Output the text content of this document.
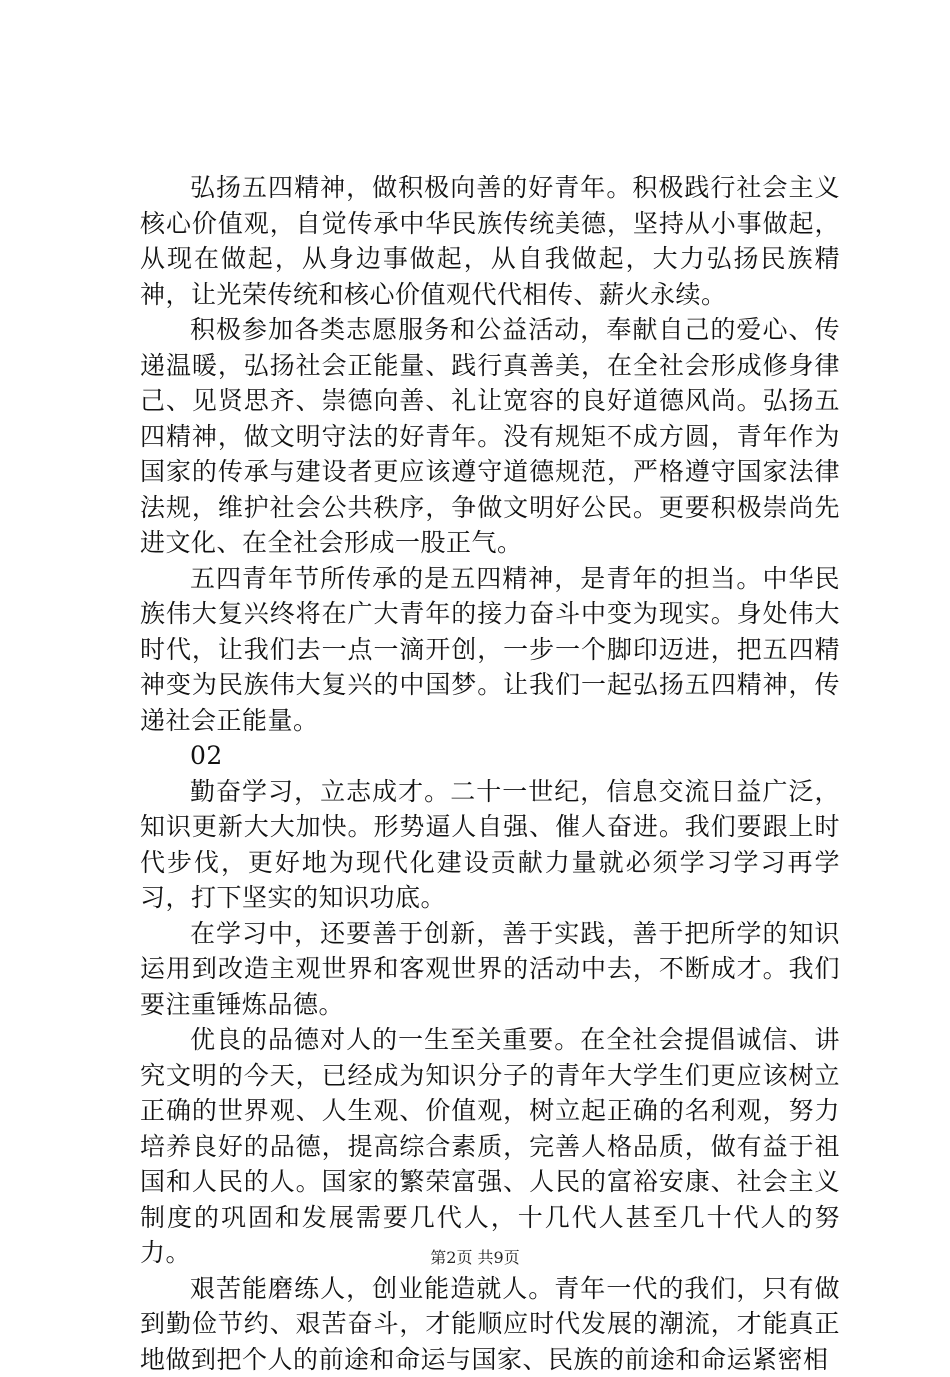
弘扬五四精神，做积极向善的好青年。积极践行社会主义核心价值观，自觉传承中华民族传统美德，坚持从小事做起，从现在做起，从身边事做起，从自我做起，大力弘扬民族精神，让光荣传统和核心价值观代代相传、薪火永续。

积极参加各类志愿服务和公益活动，奉献自己的爱心、传递温暖，弘扬社会正能量、践行真善美，在全社会形成修身律己、见贤思齐、崇德向善、礼让宽容的良好道德风尚。弘扬五四精神，做文明守法的好青年。没有规矩不成方圆，青年作为国家的传承与建设者更应该遵守道德规范，严格遵守国家法律法规，维护社会公共秩序，争做文明好公民。更要积极崇尚先进文化、在全社会形成一股正气。

五四青年节所传承的是五四精神，是青年的担当。中华民族伟大复兴终将在广大青年的接力奋斗中变为现实。身处伟大时代，让我们去一点一滴开创，一步一个脚印迈进，把五四精神变为民族伟大复兴的中国梦。让我们一起弘扬五四精神，传递社会正能量。

02

勤奋学习，立志成才。二十一世纪，信息交流日益广泛，知识更新大大加快。形势逼人自强、催人奋进。我们要跟上时代步伐，更好地为现代化建设贡献力量就必须学习学习再学习，打下坚实的知识功底。

在学习中，还要善于创新，善于实践，善于把所学的知识运用到改造主观世界和客观世界的活动中去，不断成才。我们要注重锤炼品德。

优良的品德对人的一生至关重要。在全社会提倡诚信、讲究文明的今天，已经成为知识分子的青年大学生们更应该树立正确的世界观、人生观、价值观，树立起正确的名利观，努力培养良好的品德，提高综合素质，完善人格品质，做有益于祖国和人民的人。国家的繁荣富强、人民的富裕安康、社会主义制度的巩固和发展需要几代人，十几代人甚至几十代人的努力。

艰苦能磨练人，创业能造就人。青年一代的我们，只有做到勤俭节约、艰苦奋斗，才能顺应时代发展的潮流，才能真正地做到把个人的前途和命运与国家、民族的前途和命运紧密相

第2页 共9页
